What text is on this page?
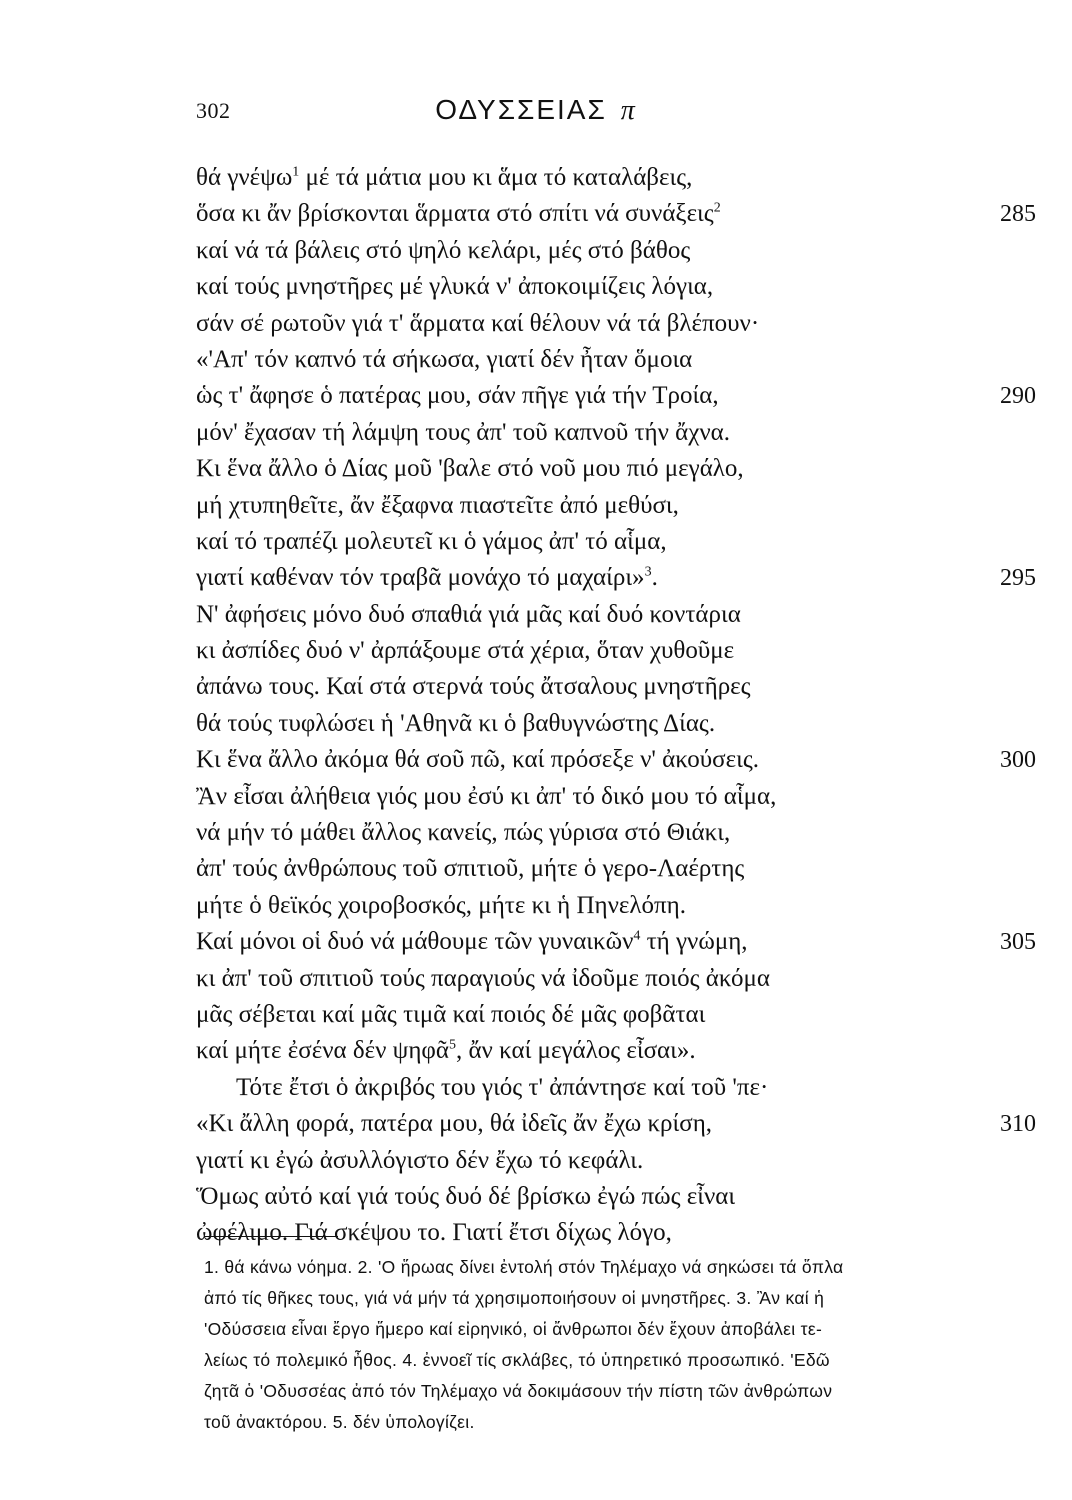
302	ΟΔΥΣΣΕΙΑΣ π
θά γνέψω$^1$ μέ τά μάτια μου κι ἅμα τό καταλάβεις,
ὅσα κι ἄν βρίσκονται ἅρματα στό σπίτι νά συνάξεις$^2$	285
καί νά τά βάλεις στό ψηλό κελάρι, μές στό βάθος
καί τούς μνηστῆρες μέ γλυκά ν' ἀποκοιμίζεις λόγια,
σάν σέ ρωτοῦν γιά τ' ἅρματα καί θέλουν νά τά βλέπουν·
«'Απ' τόν καπνό τά σήκωσα, γιατί δέν ἦταν ὅμοια
ὡς τ' ἄφησε ὁ πατέρας μου, σάν πῆγε γιά τήν Τροία,	290
μόν' ἔχασαν τή λάμψη τους ἀπ' τοῦ καπνοῦ τήν ἄχνα.
Κι ἕνα ἄλλο ὁ Δίας μοῦ 'βαλε στό νοῦ μου πιό μεγάλο,
μή χτυπηθεῖτε, ἄν ἔξαφνα πιαστεῖτε ἀπό μεθύσι,
καί τό τραπέζι μολευτεῖ κι ὁ γάμος ἀπ' τό αἷμα,
γιατί καθέναν τόν τραβᾶ μονάχο τό μαχαίρι»$^3$.	295
Ν' ἀφήσεις μόνο δυό σπαθιά γιά μᾶς καί δυό κοντάρια
κι ἀσπίδες δυό ν' ἀρπάξουμε στά χέρια, ὅταν χυθοῦμε
ἀπάνω τους. Καί στά στερνά τούς ἄτσαλους μνηστῆρες
θά τούς τυφλώσει ἡ 'Αθηνᾶ κι ὁ βαθυγνώστης Δίας.
Κι ἕνα ἄλλο ἀκόμα θά σοῦ πῶ, καί πρόσεξε ν' ἀκούσεις.	300
Ἂν εἶσαι ἀλήθεια γιός μου ἐσύ κι ἀπ' τό δικό μου τό αἷμα,
νά μήν τό μάθει ἄλλος κανείς, πώς γύρισα στό Θιάκι,
ἀπ' τούς ἀνθρώπους τοῦ σπιτιοῦ, μήτε ὁ γερο-Λαέρτης
μήτε ὁ θεϊκός χοιροβοσκός, μήτε κι ἡ Πηνελόπη.
Καί μόνοι οἱ δυό νά μάθουμε τῶν γυναικῶν$^4$ τή γνώμη,	305
κι ἀπ' τοῦ σπιτιοῦ τούς παραγιούς νά ἰδοῦμε ποιός ἀκόμα
μᾶς σέβεται καί μᾶς τιμᾶ καί ποιός δέ μᾶς φοβᾶται
καί μήτε ἐσένα δέν ψηφᾶ$^5$, ἄν καί μεγάλος εἶσαι».
Τότε ἔτσι ὁ ἀκριβός του γιός τ' ἀπάντησε καί τοῦ 'πε·
«Κι ἄλλη φορά, πατέρα μου, θά ἰδεῖς ἄν ἔχω κρίση,	310
γιατί κι ἐγώ ἀσυλλόγιστο δέν ἔχω τό κεφάλι.
Ὅμως αὐτό καί γιά τούς δυό δέ βρίσκω ἐγώ πώς εἶναι
ὠφέλιμο. Γιά σκέψου το. Γιατί ἔτσι δίχως λόγο,
1. θά κάνω νόημα. 2. 'Ο ἥρωας δίνει ἐντολή στόν Τηλέμαχο νά σηκώσει τά ὅπλα
ἀπό τίς θῆκες τους, γιά νά μήν τά χρησιμοποιήσουν οἱ μνηστῆρες. 3. Ἂν καί ἡ
'Οδύσσεια εἶναι ἔργο ἥμερο καί εἰρηνικό, οἱ ἄνθρωποι δέν ἔχουν ἀποβάλει τε-
λείως τό πολεμικό ἦθος. 4. ἐννοεῖ τίς σκλάβες, τό ὑπηρετικό προσωπικό. 'Εδῶ
ζητᾶ ὁ 'Οδυσσέας ἀπό τόν Τηλέμαχο νά δοκιμάσουν τήν πίστη τῶν ἀνθρώπων
τοῦ ἀνακτόρου. 5. δέν ὑπολογίζει.
